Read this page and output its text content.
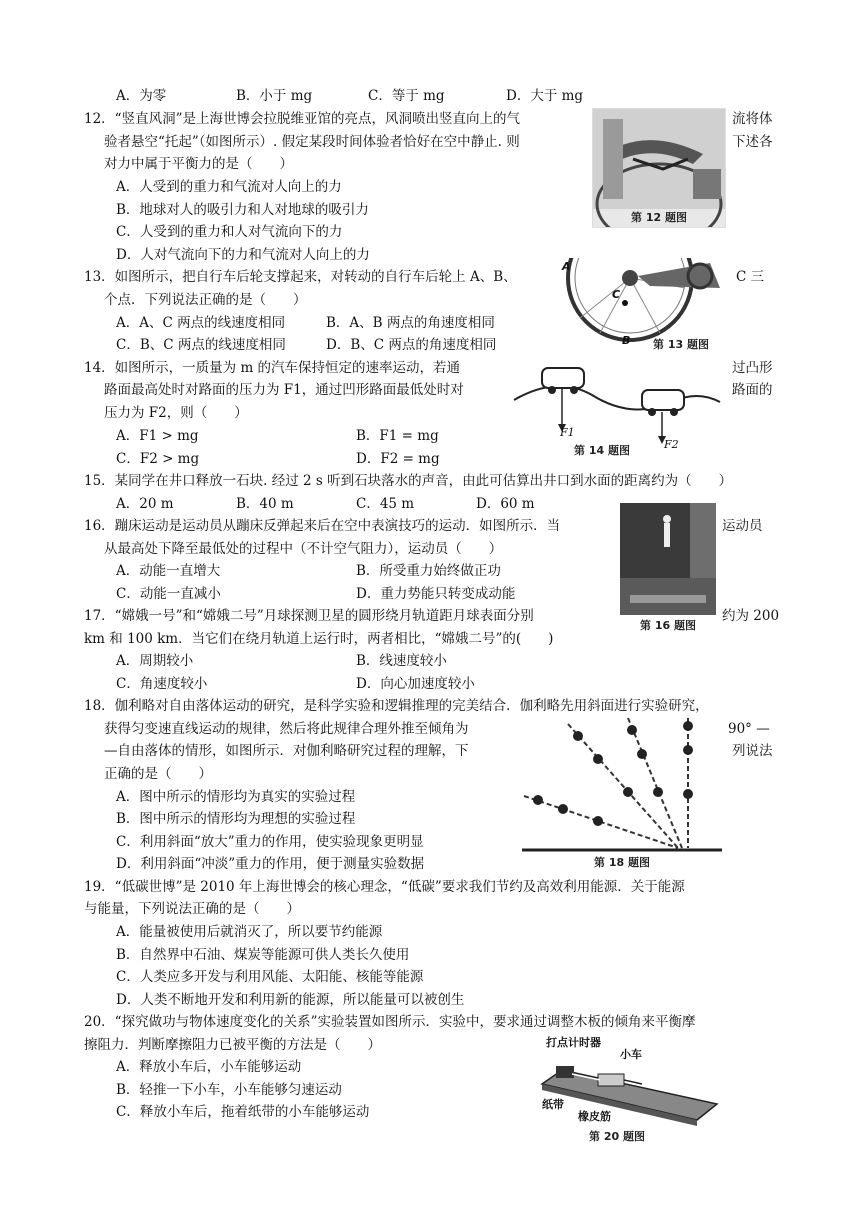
A．为零	B．小于 mg	C．等于 mg	D．大于 mg
12．“竖直风洞”是上海世博会拉脱维亚馆的亮点，风洞喷出竖直向上的气	流将体
验者悬空“托起”（如图所示）. 假定某段时间体验者恰好在空中静止. 则	下述各
对力中属于平衡力的是（　　）
A．人受到的重力和气流对人向上的力
B．地球对人的吸引力和人对地球的吸引力
C．人受到的重力和人对气流向下的力
D．人对气流向下的力和气流对人向上的力
第 12 题图
13．如图所示，把自行车后轮支撑起来，对转动的自行车后轮上 A、B、	C 三
个点．下列说法正确的是（　　）
A．A、C 两点的线速度相同	B．A、B 两点的角速度相同
C．B、C 两点的线速度相同	D．B、C 两点的角速度相同
A
B
C
第 13 题图
14．如图所示，一质量为 m 的汽车保持恒定的速率运动，若通	过凸形
路面最高处时对路面的压力为 F1，通过凹形路面最低处时对	路面的
压力为 F2，则（　　）
A．F1 > mg	B．F1 = mg
C．F2 > mg	D．F2 = mg
F1
F2
第 14 题图
15．某同学在井口释放一石块. 经过 2 s 听到石块落水的声音，由此可估算出井口到水面的距离约为（　　）
A．20 m	B．40 m	C．45 m	D．60 m
16．蹦床运动是运动员从蹦床反弹起来后在空中表演技巧的运动．如图所示．当	运动员
从最高处下降至最低处的过程中（不计空气阻力），运动员（　　）
A．动能一直增大	B．所受重力始终做正功
C．动能一直减小	D．重力势能只转变成动能
第 16 题图
17．“嫦娥一号”和“嫦娥二号”月球探测卫星的圆形绕月轨道距月球表面分别	约为 200
km 和 100 km．当它们在绕月轨道上运行时，两者相比，“嫦娥二号”的(　　)
A．周期较小	B．线速度较小
C．角速度较小	D．向心加速度较小
18．伽利略对自由落体运动的研究，是科学实验和逻辑推理的完美结合．伽利略先用斜面进行实验研究，
获得匀变速直线运动的规律，然后将此规律合理外推至倾角为	90° —
—自由落体的情形，如图所示．对伽利略研究过程的理解，下	列说法
正确的是（　　）
A．图中所示的情形均为真实的实验过程
B．图中所示的情形均为理想的实验过程
C．利用斜面“放大”重力的作用，使实验现象更明显
D．利用斜面“冲淡”重力的作用，便于测量实验数据	第 18 题图
19．“低碳世博”是 2010 年上海世博会的核心理念，“低碳”要求我们节约及高效利用能源．关于能源
与能量，下列说法正确的是（　　）
A．能量被使用后就消灭了，所以要节约能源
B．自然界中石油、煤炭等能源可供人类长久使用
C．人类应多开发与利用风能、太阳能、核能等能源
D．人类不断地开发和利用新的能源，所以能量可以被创生
20．“探究做功与物体速度变化的关系”实验装置如图所示．实验中，要求通过调整木板的倾角来平衡摩
擦阻力．判断摩擦阻力已被平衡的方法是（　　）
A．释放小车后，小车能够运动
B．轻推一下小车，小车能够匀速运动
C．释放小车后，拖着纸带的小车能够运动
打点计时器
小车
纸带
橡皮筋
第 20 题图
